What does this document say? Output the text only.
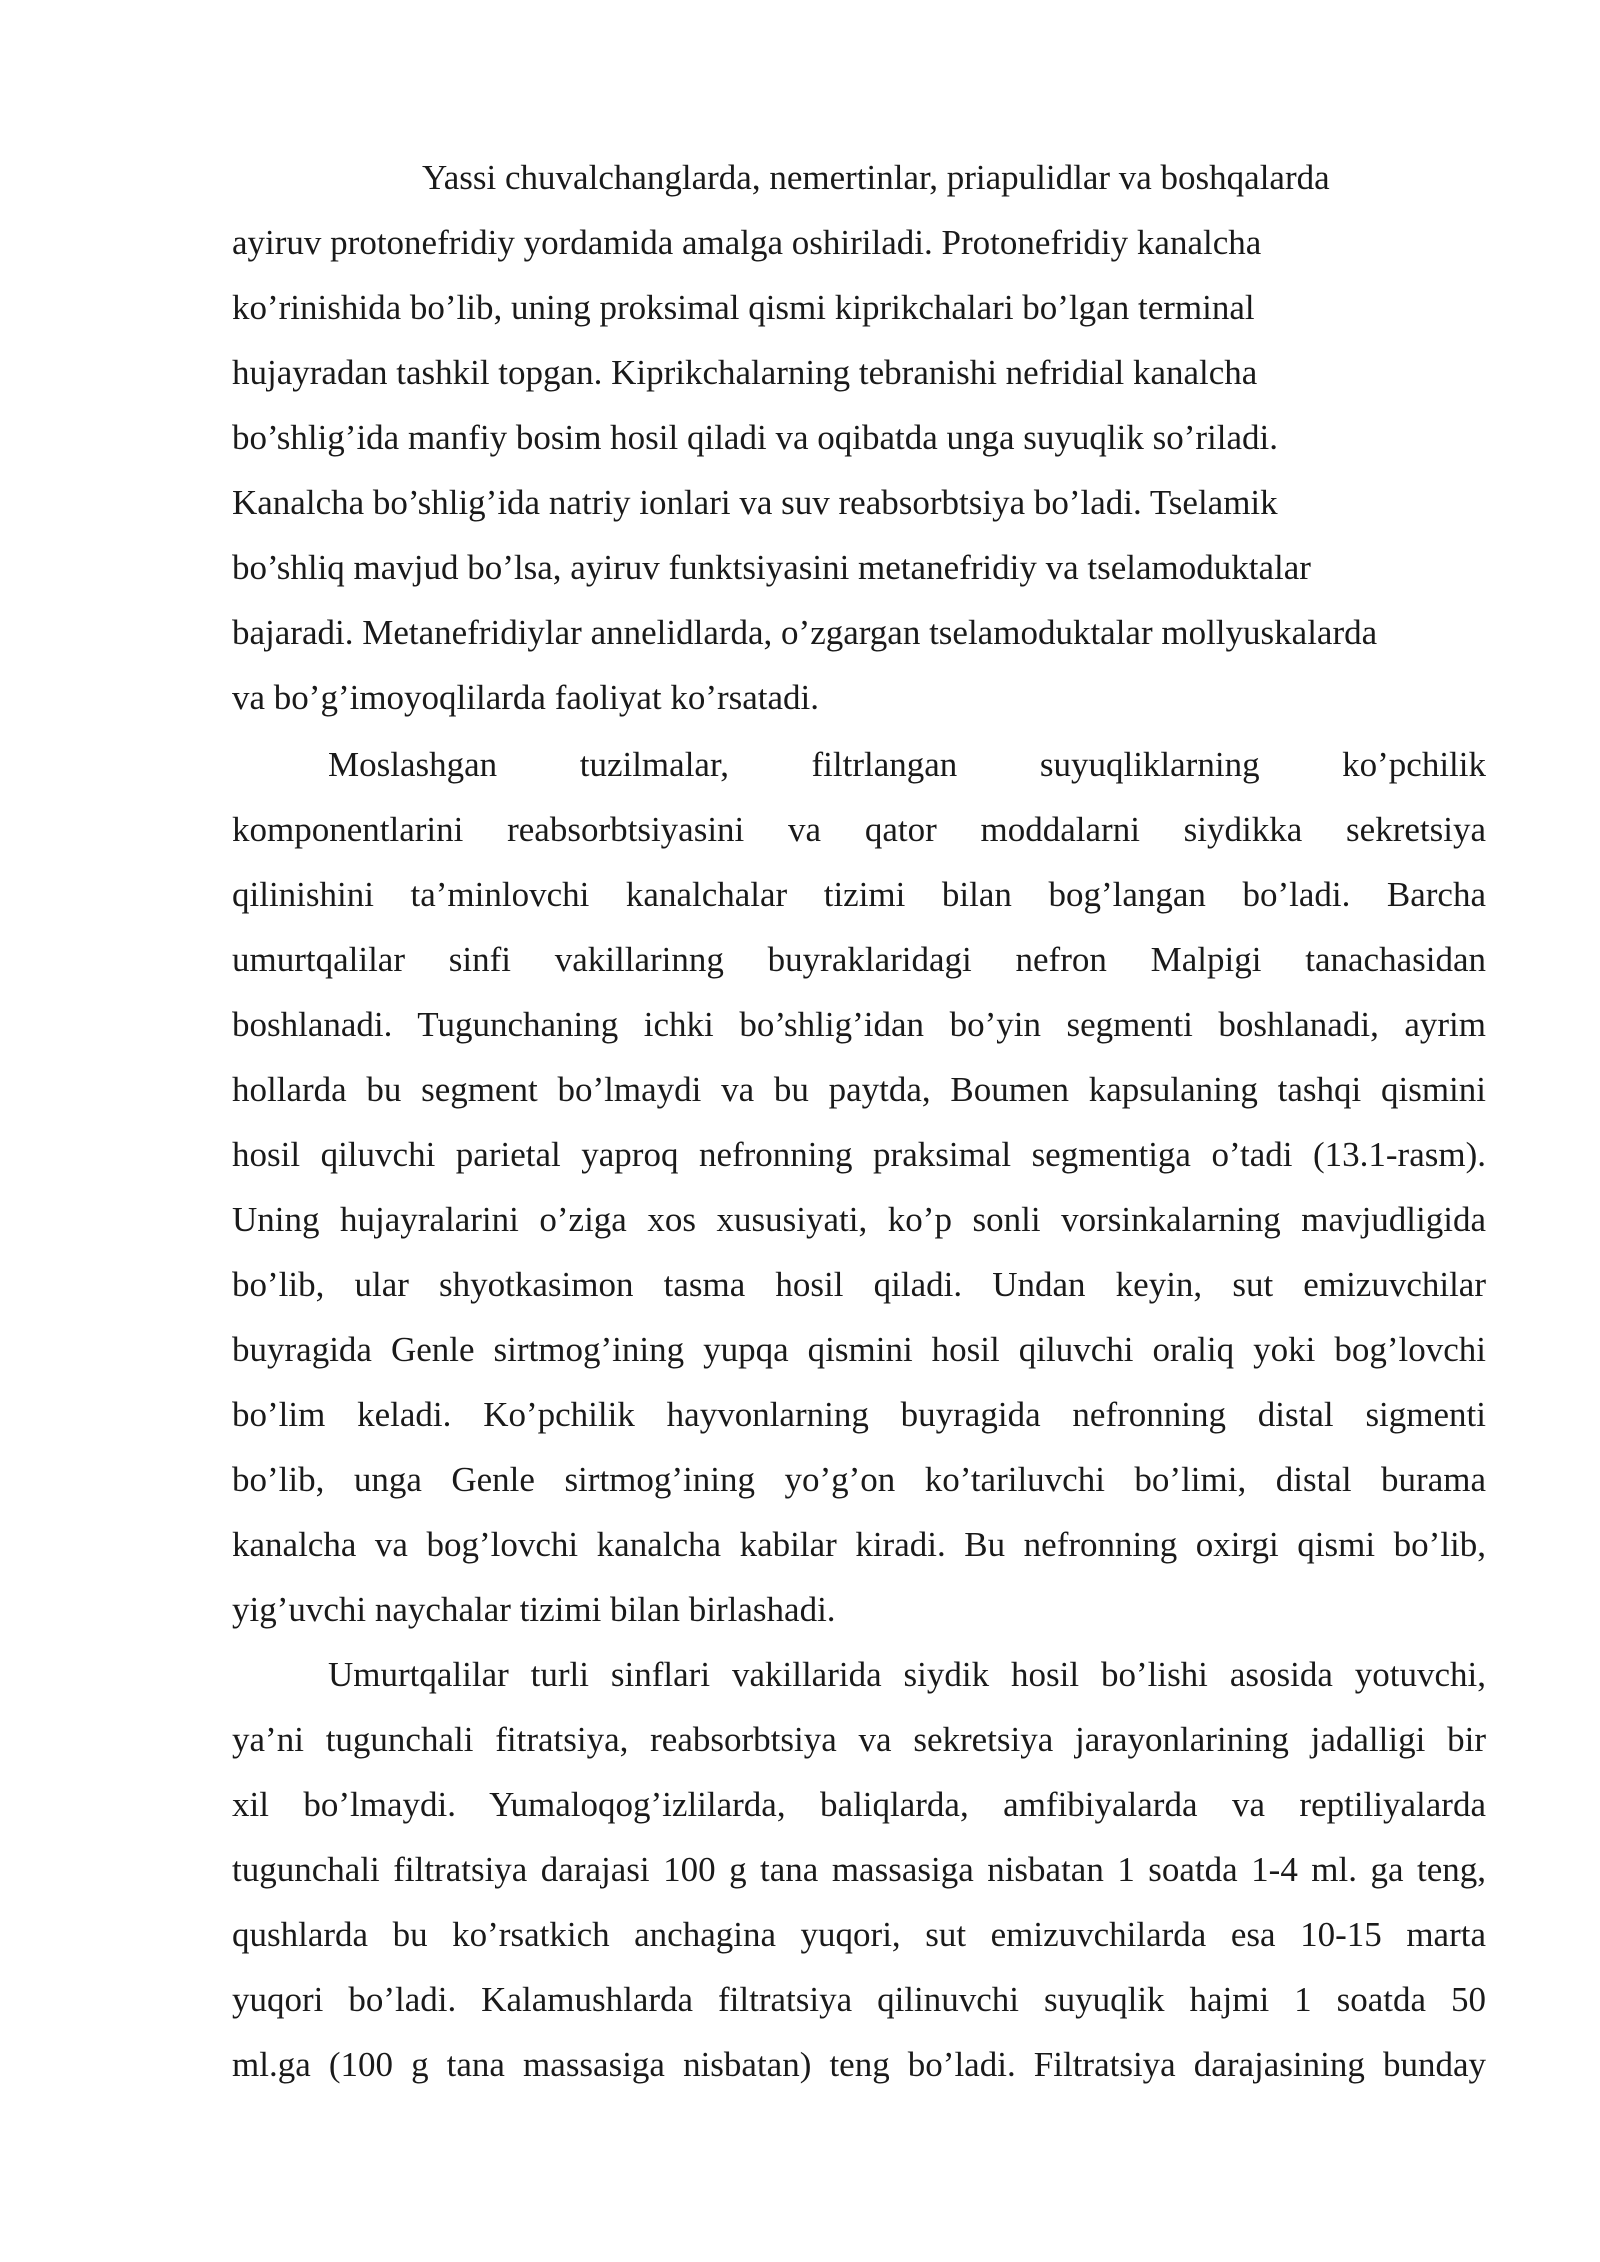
Yassi chuvalchanglarda, nemertinlar, priapulidlar va boshqalarda
ayiruv protonefridiy yordamida amalga oshiriladi. Protonefridiy kanalcha
ko’rinishida bo’lib, uning proksimal qismi kiprikchalari bo’lgan terminal
hujayradan tashkil topgan. Kiprikchalarning tebranishi nefridial kanalcha
bo’shlig’ida manfiy bosim hosil qiladi va oqibatda unga suyuqlik so’riladi.
Kanalcha bo’shlig’ida natriy ionlari va suv reabsorbtsiya bo’ladi. Tselamik
bo’shliq mavjud bo’lsa, ayiruv funktsiyasini metanefridiy va tselamoduktalar
bajaradi. Metanefridiylar annelidlarda, o’zgargan tselamoduktalar mollyuskalarda
va bo’g’imoyoqlilarda faoliyat ko’rsatadi.
Moslashgan tuzilmalar, filtrlangan suyuqliklarning ko’pchilik
komponentlarini reabsorbtsiyasini va qator moddalarni siydikka sekretsiya
qilinishini ta’minlovchi kanalchalar tizimi bilan bog’langan bo’ladi. Barcha
umurtqalilar sinfi vakillarinng buyraklaridagi nefron Malpigi tanachasidan
boshlanadi. Tugunchaning ichki bo’shlig’idan bo’yin segmenti boshlanadi, ayrim
hollarda bu segment bo’lmaydi va bu paytda, Boumen kapsulaning tashqi qismini
hosil qiluvchi parietal yaproq nefronning praksimal segmentiga o’tadi (13.1-rasm).
Uning hujayralarini o’ziga xos xususiyati, ko’p sonli vorsinkalarning mavjudligida
bo’lib, ular shyotkasimon tasma hosil qiladi. Undan keyin, sut emizuvchilar
buyragida Genle sirtmog’ining yupqa qismini hosil qiluvchi oraliq yoki bog’lovchi
bo’lim keladi. Ko’pchilik hayvonlarning buyragida nefronning distal sigmenti
bo’lib, unga Genle sirtmog’ining yo’g’on ko’tariluvchi bo’limi, distal burama
kanalcha va bog’lovchi kanalcha kabilar kiradi. Bu nefronning oxirgi qismi bo’lib,
yig’uvchi naychalar tizimi bilan birlashadi.
Umurtqalilar turli sinflari vakillarida siydik hosil bo’lishi asosida yotuvchi,
ya’ni tugunchali fitratsiya, reabsorbtsiya va sekretsiya jarayonlarining jadalligi bir
xil bo’lmaydi. Yumaloqog’izlilarda, baliqlarda, amfibiyalarda va reptiliyalarda
tugunchali filtratsiya darajasi 100 g tana massasiga nisbatan 1 soatda 1-4 ml. ga teng,
qushlarda bu ko’rsatkich anchagina yuqori, sut emizuvchilarda esa 10-15 marta
yuqori bo’ladi. Kalamushlarda filtratsiya qilinuvchi suyuqlik hajmi 1 soatda 50
ml.ga (100 g tana massasiga nisbatan) teng bo’ladi. Filtratsiya darajasining bunday
